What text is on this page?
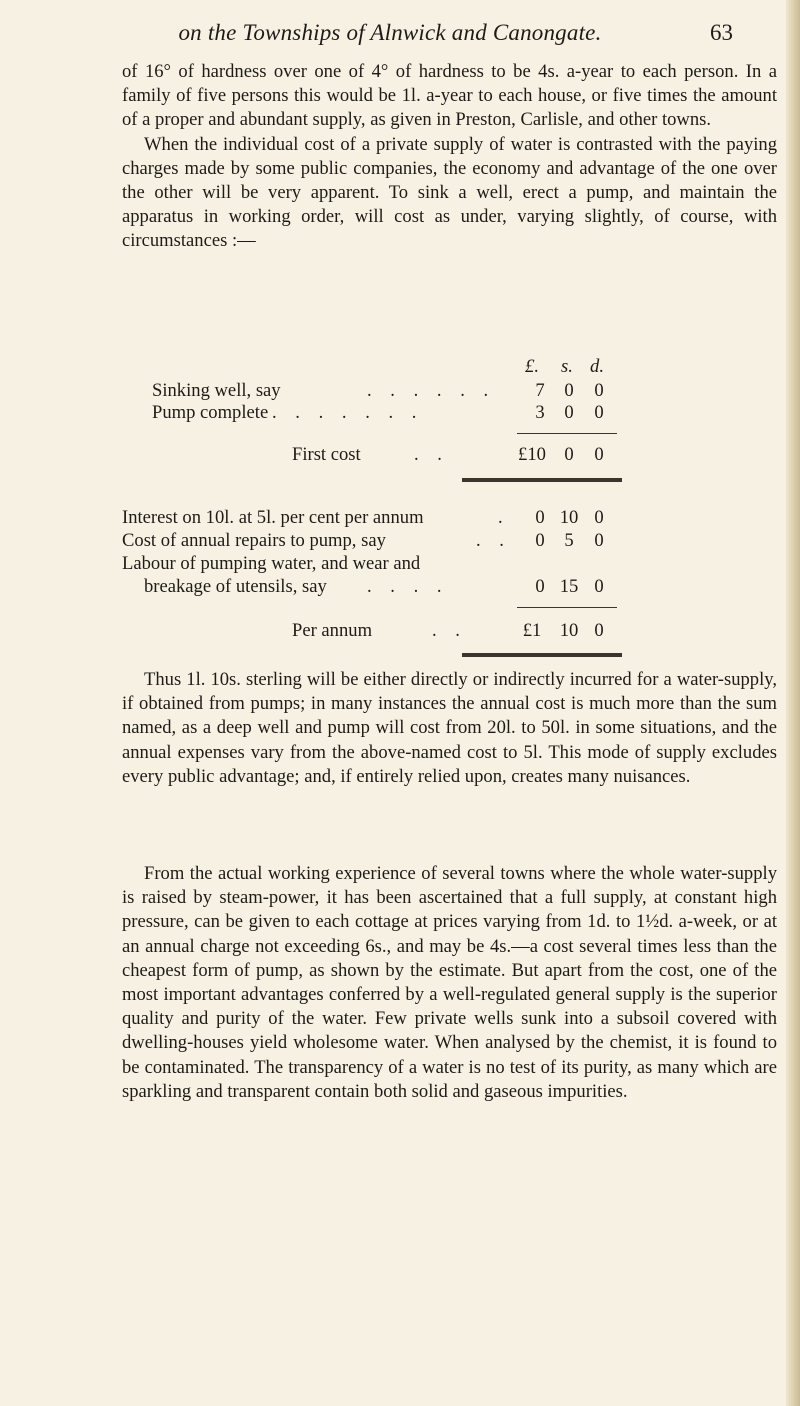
on the Townships of Alnwick and Canongate.	63

of 16° of hardness over one of 4° of hardness to be 4s. a-year to each person. In a family of five persons this would be 1l. a-year to each house, or five times the amount of a proper and abundant supply, as given in Preston, Carlisle, and other towns.
When the individual cost of a private supply of water is contrasted with the paying charges made by some public companies, the economy and advantage of the one over the other will be very apparent. To sink a well, erect a pump, and maintain the apparatus in working order, will cost as under, varying slightly, of course, with circumstances :—

£.	s. d.
Sinking well, say	. . . . . .	7	0	0
Pump complete . . . . . . .	3	0	0
First cost	. .	£10 0	0
Interest on 10l. at 5l. per cent per annum	.	0 10 0
Cost of annual repairs to pump, say	. .	0	5	0
Labour of pumping water, and wear and
breakage of utensils, say . . . .	0 15 0
Per annum	. .	£1 10 0

Thus 1l. 10s. sterling will be either directly or indirectly incurred for a water-supply, if obtained from pumps; in many instances the annual cost is much more than the sum named, as a deep well and pump will cost from 20l. to 50l. in some situations, and the annual expenses vary from the above-named cost to 5l. This mode of supply excludes every public advantage; and, if entirely relied upon, creates many nuisances.

From the actual working experience of several towns where the whole water-supply is raised by steam-power, it has been ascertained that a full supply, at constant high pressure, can be given to each cottage at prices varying from 1d. to 1½d. a-week, or at an annual charge not exceeding 6s., and may be 4s.—a cost several times less than the cheapest form of pump, as shown by the estimate. But apart from the cost, one of the most important advantages conferred by a well-regulated general supply is the superior quality and purity of the water. Few private wells sunk into a subsoil covered with dwelling-houses yield wholesome water. When analysed by the chemist, it is found to be contaminated. The transparency of a water is no test of its purity, as many which are sparkling and transparent contain both solid and gaseous impurities.
